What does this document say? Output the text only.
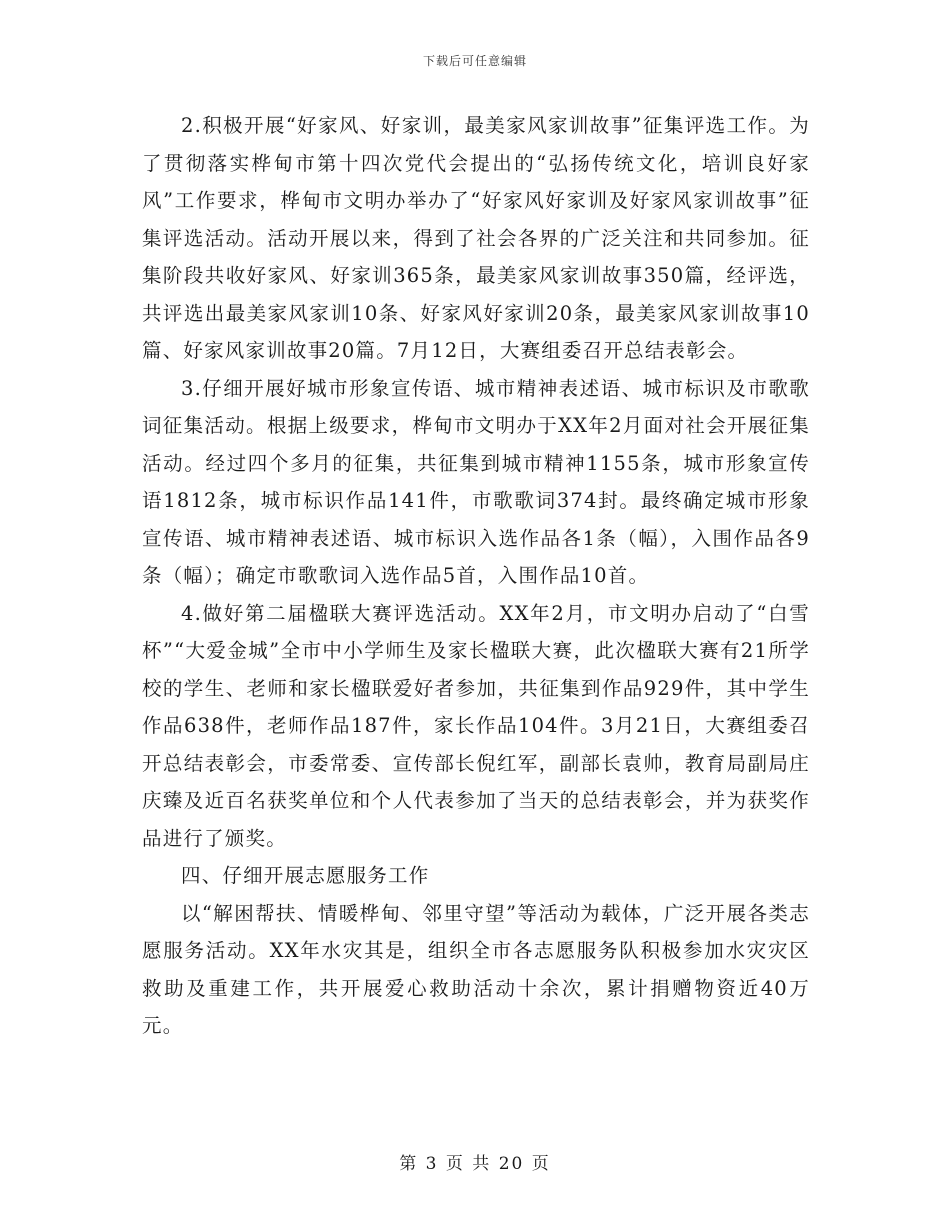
下载后可任意编辑

2.积极开展“好家风、好家训，最美家风家训故事”征集评选工作。为了贯彻落实桦甸市第十四次党代会提出的“弘扬传统文化，培训良好家风”工作要求，桦甸市文明办举办了“好家风好家训及好家风家训故事”征集评选活动。活动开展以来，得到了社会各界的广泛关注和共同参加。征集阶段共收好家风、好家训365条，最美家风家训故事350篇，经评选，共评选出最美家风家训10条、好家风好家训20条，最美家风家训故事10篇、好家风家训故事20篇。7月12日，大赛组委召开总结表彰会。

3.仔细开展好城市形象宣传语、城市精神表述语、城市标识及市歌歌词征集活动。根据上级要求，桦甸市文明办于XX年2月面对社会开展征集活动。经过四个多月的征集，共征集到城市精神1155条，城市形象宣传语1812条，城市标识作品141件，市歌歌词374封。最终确定城市形象宣传语、城市精神表述语、城市标识入选作品各1条（幅），入围作品各9条（幅）；确定市歌歌词入选作品5首，入围作品10首。

4.做好第二届楹联大赛评选活动。XX年2月，市文明办启动了“白雪杯”“大爱金城”全市中小学师生及家长楹联大赛，此次楹联大赛有21所学校的学生、老师和家长楹联爱好者参加，共征集到作品929件，其中学生作品638件，老师作品187件，家长作品104件。3月21日，大赛组委召开总结表彰会，市委常委、宣传部长倪红军，副部长袁帅，教育局副局庄庆臻及近百名获奖单位和个人代表参加了当天的总结表彰会，并为获奖作品进行了颁奖。

四、仔细开展志愿服务工作

以“解困帮扶、情暖桦甸、邻里守望”等活动为载体，广泛开展各类志愿服务活动。XX年水灾其是，组织全市各志愿服务队积极参加水灾灾区救助及重建工作，共开展爱心救助活动十余次，累计捐赠物资近40万元。

第 3 页 共 20 页
